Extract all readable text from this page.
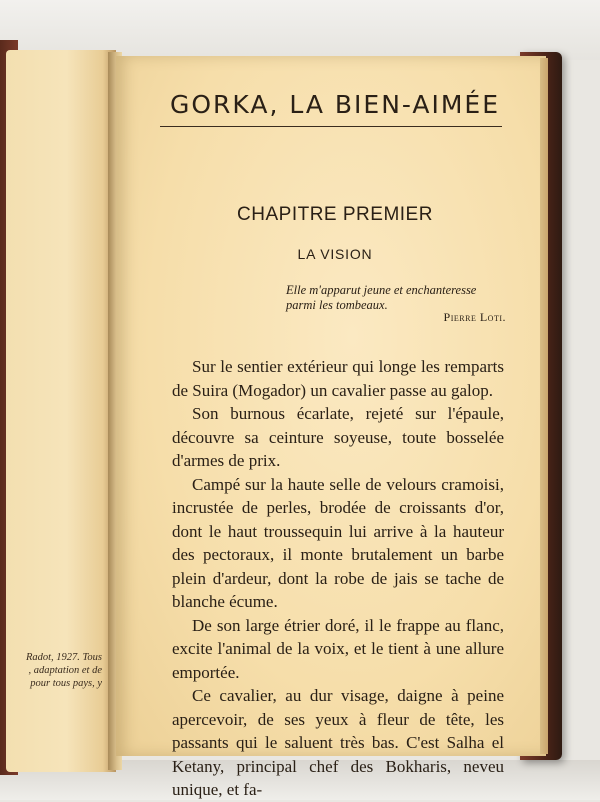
GORKA, LA BIEN-AIMÉE
CHAPITRE PREMIER
LA VISION
Elle m'apparut jeune et enchanteresse
parmi les tombeaux.
Pierre Loti.

Sur le sentier extérieur qui longe les remparts de Suira (Mogador) un cavalier passe au galop.

Son burnous écarlate, rejeté sur l'épaule, découvre sa ceinture soyeuse, toute bosselée d'armes de prix.

Campé sur la haute selle de velours cramoisi, incrustée de perles, brodée de croissants d'or, dont le haut troussequin lui arrive à la hauteur des pectoraux, il monte brutalement un barbe plein d'ardeur, dont la robe de jais se tache de blanche écume.

De son large étrier doré, il le frappe au flanc, excite l'animal de la voix, et le tient à une allure emportée.

Ce cavalier, au dur visage, daigne à peine apercevoir, de ses yeux à fleur de tête, les passants qui le saluent très bas. C'est Salha el Ketany, principal chef des Bokharis, neveu unique, et fa-

Radot, 1927. Tous
, adaptation et de
pour tous pays, y
